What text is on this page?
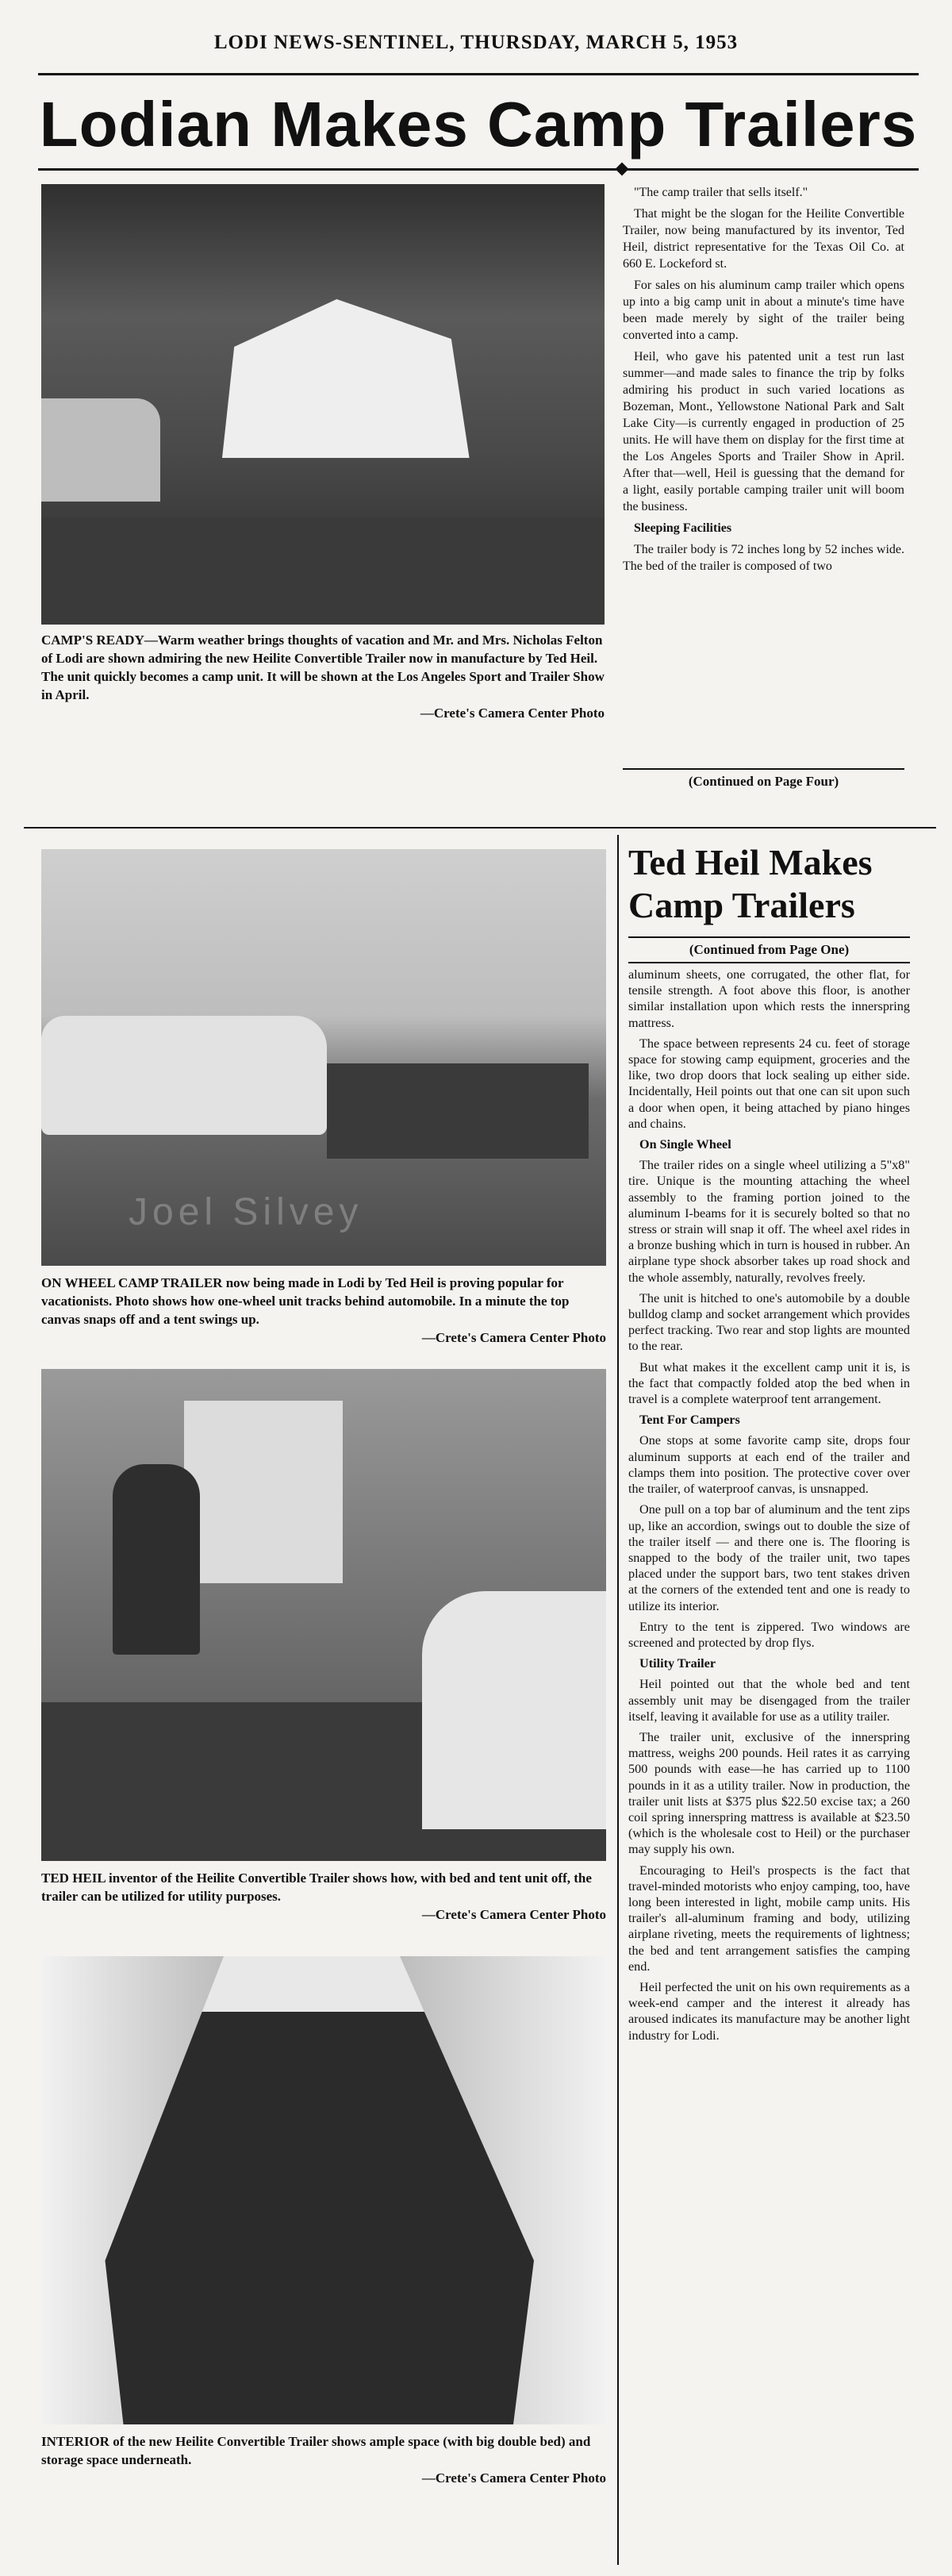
LODI NEWS-SENTINEL, THURSDAY, MARCH 5, 1953
Lodian Makes Camp Trailers

CAMP'S READY—Warm weather brings thoughts of vacation and Mr. and Mrs. Nicholas Felton of Lodi are shown admiring the new Heilite Convertible Trailer now in manufacture by Ted Heil. The unit quickly becomes a camp unit. It will be shown at the Los Angeles Sport and Trailer Show in April.
—Crete's Camera Center Photo

"The camp trailer that sells itself."

That might be the slogan for the Heilite Convertible Trailer, now being manufactured by its inventor, Ted Heil, district representative for the Texas Oil Co. at 660 E. Lockeford st.

For sales on his aluminum camp trailer which opens up into a big camp unit in about a minute's time have been made merely by sight of the trailer being converted into a camp.

Heil, who gave his patented unit a test run last summer—and made sales to finance the trip by folks admiring his product in such varied locations as Bozeman, Mont., Yellowstone National Park and Salt Lake City—is currently engaged in production of 25 units. He will have them on display for the first time at the Los Angeles Sports and Trailer Show in April. After that—well, Heil is guessing that the demand for a light, easily portable camping trailer unit will boom the business.

Sleeping Facilities

The trailer body is 72 inches long by 52 inches wide. The bed of the trailer is composed of two

(Continued on Page Four)
Joel Silvey

ON WHEEL CAMP TRAILER now being made in Lodi by Ted Heil is proving popular for vacationists. Photo shows how one-wheel unit tracks behind automobile. In a minute the top canvas snaps off and a tent swings up.
—Crete's Camera Center Photo

TED HEIL inventor of the Heilite Convertible Trailer shows how, with bed and tent unit off, the trailer can be utilized for utility purposes.
—Crete's Camera Center Photo

INTERIOR of the new Heilite Convertible Trailer shows ample space (with big double bed) and storage space underneath.
—Crete's Camera Center Photo

Ted Heil Makes Camp Trailers
(Continued from Page One)

aluminum sheets, one corrugated, the other flat, for tensile strength. A foot above this floor, is another similar installation upon which rests the innerspring mattress.

The space between represents 24 cu. feet of storage space for stowing camp equipment, groceries and the like, two drop doors that lock sealing up either side. Incidentally, Heil points out that one can sit upon such a door when open, it being attached by piano hinges and chains.

On Single Wheel

The trailer rides on a single wheel utilizing a 5"x8" tire. Unique is the mounting attaching the wheel assembly to the framing portion joined to the aluminum I-beams for it is securely bolted so that no stress or strain will snap it off. The wheel axel rides in a bronze bushing which in turn is housed in rubber. An airplane type shock absorber takes up road shock and the whole assembly, naturally, revolves freely.

The unit is hitched to one's automobile by a double bulldog clamp and socket arrangement which provides perfect tracking. Two rear and stop lights are mounted to the rear.

But what makes it the excellent camp unit it is, is the fact that compactly folded atop the bed when in travel is a complete waterproof tent arrangement.

Tent For Campers

One stops at some favorite camp site, drops four aluminum supports at each end of the trailer and clamps them into position. The protective cover over the trailer, of waterproof canvas, is unsnapped.

One pull on a top bar of aluminum and the tent zips up, like an accordion, swings out to double the size of the trailer itself — and there one is. The flooring is snapped to the body of the trailer unit, two tapes placed under the support bars, two tent stakes driven at the corners of the extended tent and one is ready to utilize its interior.

Entry to the tent is zippered. Two windows are screened and protected by drop flys.

Utility Trailer

Heil pointed out that the whole bed and tent assembly unit may be disengaged from the trailer itself, leaving it available for use as a utility trailer.

The trailer unit, exclusive of the innerspring mattress, weighs 200 pounds. Heil rates it as carrying 500 pounds with ease—he has carried up to 1100 pounds in it as a utility trailer. Now in production, the trailer unit lists at $375 plus $22.50 excise tax; a 260 coil spring innerspring mattress is available at $23.50 (which is the wholesale cost to Heil) or the purchaser may supply his own.

Encouraging to Heil's prospects is the fact that travel-minded motorists who enjoy camping, too, have long been interested in light, mobile camp units. His trailer's all-aluminum framing and body, utilizing airplane riveting, meets the requirements of lightness; the bed and tent arrangement satisfies the camping end.

Heil perfected the unit on his own requirements as a week-end camper and the interest it already has aroused indicates its manufacture may be another light industry for Lodi.
